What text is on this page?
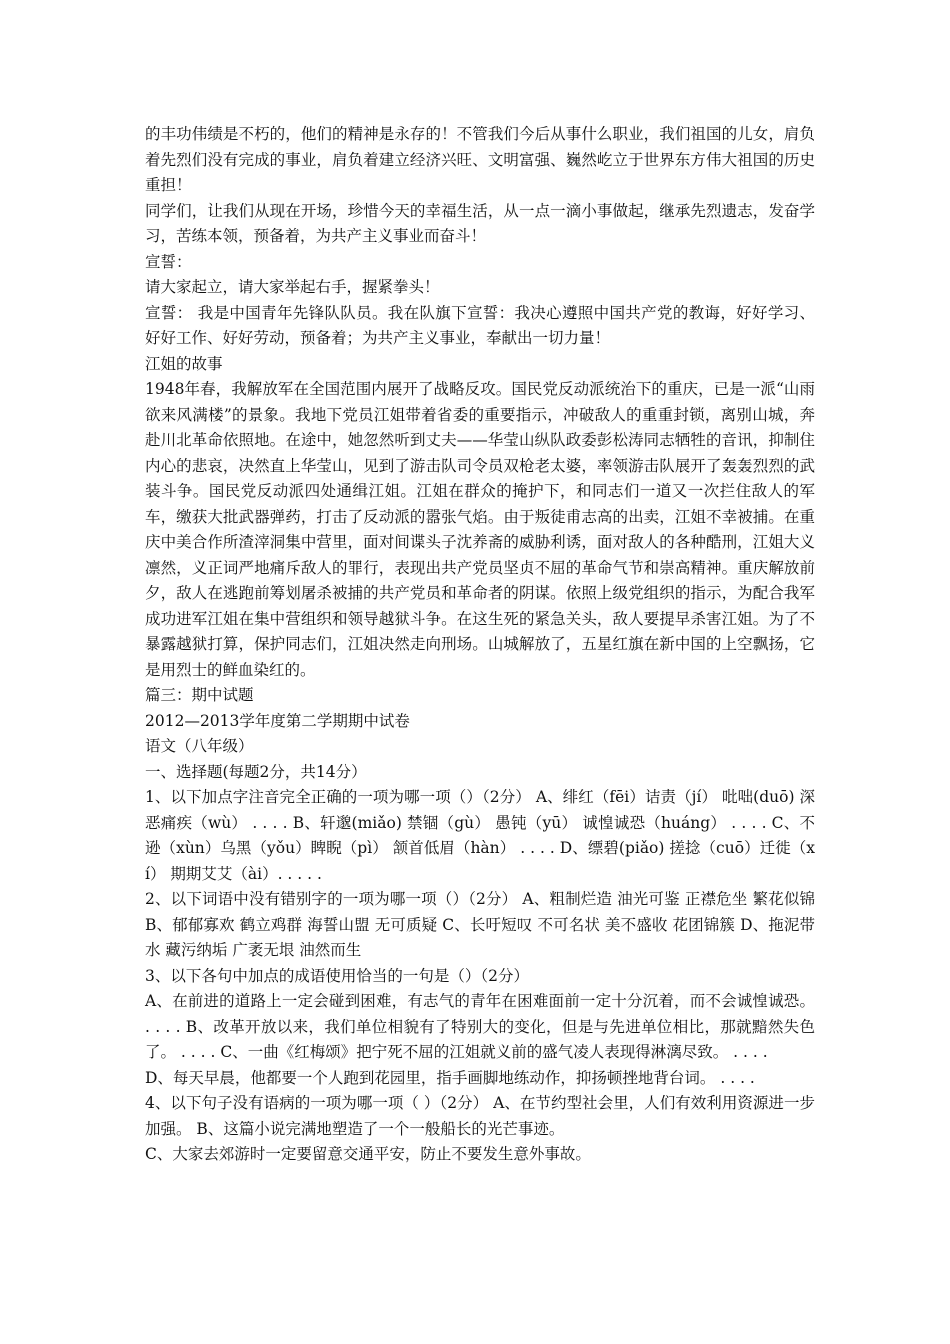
的丰功伟绩是不朽的，他们的精神是永存的！不管我们今后从事什么职业，我们祖国的儿女，肩负着先烈们没有完成的事业，肩负着建立经济兴旺、文明富强、巍然屹立于世界东方伟大祖国的历史重担！

同学们，让我们从现在开场，珍惜今天的幸福生活，从一点一滴小事做起，继承先烈遗志，发奋学习，苦练本领，预备着，为共产主义事业而奋斗！

宣誓：

请大家起立，请大家举起右手，握紧拳头！

宣誓： 我是中国青年先锋队队员。我在队旗下宣誓：我决心遵照中国共产党的教诲，好好学习、好好工作、好好劳动，预备着；为共产主义事业，奉献出一切力量！

江姐的故事

1948年春，我解放军在全国范围内展开了战略反攻。国民党反动派统治下的重庆，已是一派“山雨欲来风满楼”的景象。我地下党员江姐带着省委的重要指示，冲破敌人的重重封锁，离别山城，奔赴川北革命依照地。在途中，她忽然听到丈夫——华莹山纵队政委彭松涛同志牺牲的音讯，抑制住内心的悲哀，决然直上华莹山，见到了游击队司令员双枪老太婆，率领游击队展开了轰轰烈烈的武装斗争。国民党反动派四处通缉江姐。江姐在群众的掩护下，和同志们一道又一次拦住敌人的军车，缴获大批武器弹药，打击了反动派的嚣张气焰。由于叛徒甫志高的出卖，江姐不幸被捕。在重庆中美合作所渣滓洞集中营里，面对间谍头子沈养斋的威胁利诱，面对敌人的各种酷刑，江姐大义凛然，义正词严地痛斥敌人的罪行，表现出共产党员坚贞不屈的革命气节和崇高精神。重庆解放前夕，敌人在逃跑前筹划屠杀被捕的共产党员和革命者的阴谋。依照上级党组织的指示，为配合我军成功进军江姐在集中营组织和领导越狱斗争。在这生死的紧急关头，敌人要提早杀害江姐。为了不暴露越狱打算，保护同志们，江姐决然走向刑场。山城解放了，五星红旗在新中国的上空飘扬，它是用烈士的鲜血染红的。

篇三：期中试题

2012—2013学年度第二学期期中试卷

语文（八年级）

一、选择题(每题2分，共14分）

1、以下加点字注音完全正确的一项为哪一项（）（2分） A、绯红（fēi）诘责（jí） 吡咄(duō) 深恶痛疾（wù） . . . . B、轩邈(miǎo) 禁锢（gù） 愚钝（yū） 诚惶诚恐（huáng） . . . . C、不逊（xùn）乌黑（yǒu）睥睨（pì） 颔首低眉（hàn） . . . . D、缥碧(piǎo) 搓捻（cuō）迁徙（xí） 期期艾艾（ài）. . . . .

2、以下词语中没有错别字的一项为哪一项（）（2分） A、粗制烂造 油光可鉴 正襟危坐 繁花似锦 B、郁郁寡欢 鹤立鸡群 海誓山盟 无可质疑 C、长吁短叹 不可名状 美不盛收 花团锦簇 D、拖泥带水 藏污纳垢 广袤无垠 油然而生

3、以下各句中加点的成语使用恰当的一句是（）（2分）

A、在前进的道路上一定会碰到困难，有志气的青年在困难面前一定十分沉着，而不会诚惶诚恐。 . . . . B、改革开放以来，我们单位相貌有了特别大的变化，但是与先进单位相比，那就黯然失色了。 . . . . C、一曲《红梅颂》把宁死不屈的江姐就义前的盛气凌人表现得淋漓尽致。 . . . .

D、每天早晨，他都要一个人跑到花园里，指手画脚地练动作，抑扬顿挫地背台词。 . . . .

4、以下句子没有语病的一项为哪一项（ ）（2分） A、在节约型社会里，人们有效利用资源进一步加强。 B、这篇小说完满地塑造了一个一般船长的光芒事迹。

C、大家去郊游时一定要留意交通平安，防止不要发生意外事故。
